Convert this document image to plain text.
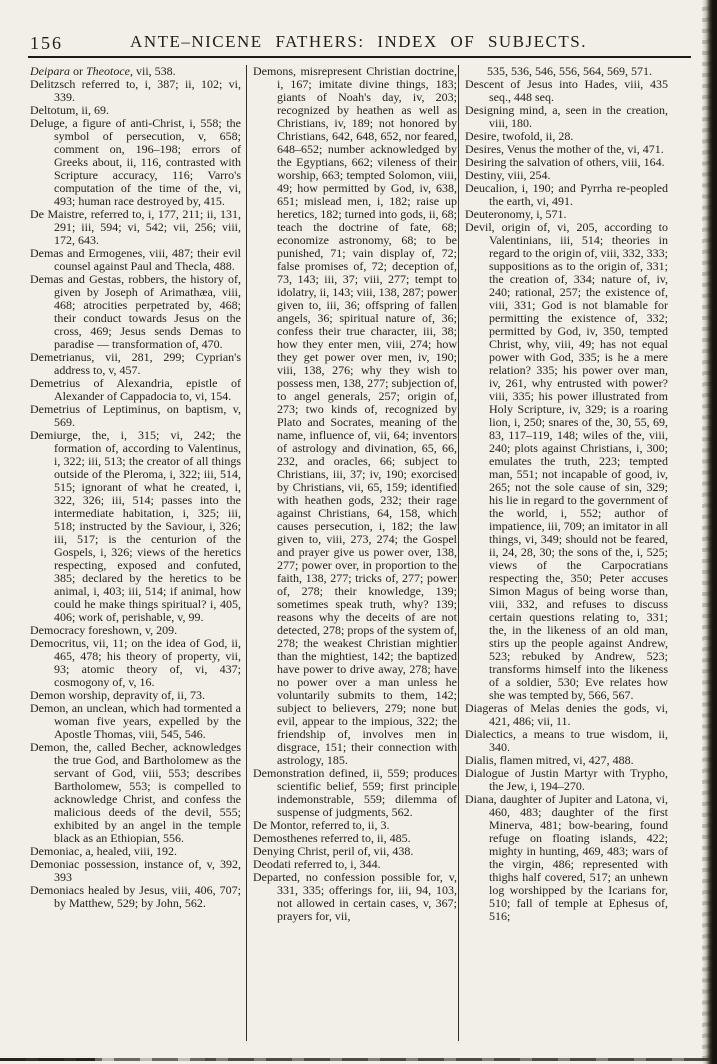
156	ANTE–NICENE FATHERS: INDEX OF SUBJECTS.

Deipara or Theotoce, vii, 538.

Delitzsch referred to, i, 387; ii, 102; vi, 339.

Deltotum, ii, 69.

Deluge, a figure of anti-Christ, i, 558; the symbol of persecution, v, 658; comment on, 196–198; errors of Greeks about, ii, 116, contrasted with Scripture accuracy, 116; Varro's computation of the time of the, vi, 493; human race destroyed by, 415.

De Maistre, referred to, i, 177, 211; ii, 131, 291; iii, 594; vi, 542; vii, 256; viii, 172, 643.

Demas and Ermogenes, viii, 487; their evil counsel against Paul and Thecla, 488.

Demas and Gestas, robbers, the history of, given by Joseph of Arimathæa, viii, 468; atrocities perpetrated by, 468; their conduct towards Jesus on the cross, 469; Jesus sends Demas to paradise — transformation of, 470.

Demetrianus, vii, 281, 299; Cyprian's address to, v, 457.

Demetrius of Alexandria, epistle of Alexander of Cappadocia to, vi, 154.

Demetrius of Leptiminus, on baptism, v, 569.

Demiurge, the, i, 315; vi, 242; the formation of, according to Valentinus, i, 322; iii, 513; the creator of all things outside of the Pleroma, i, 322; iii, 514, 515; ignorant of what he created, i, 322, 326; iii, 514; passes into the intermediate habitation, i, 325; iii, 518; instructed by the Saviour, i, 326; iii, 517; is the centurion of the Gospels, i, 326; views of the heretics respecting, exposed and confuted, 385; declared by the heretics to be animal, i, 403; iii, 514; if animal, how could he make things spiritual? i, 405, 406; work of, perishable, v, 99.

Democracy foreshown, v, 209.

Democritus, vii, 11; on the idea of God, ii, 465, 478; his theory of property, vii, 93; atomic theory of, vi, 437; cosmogony of, v, 16.

Demon worship, depravity of, ii, 73.

Demon, an unclean, which had tormented a woman five years, expelled by the Apostle Thomas, viii, 545, 546.

Demon, the, called Becher, acknowledges the true God, and Bartholomew as the servant of God, viii, 553; describes Bartholomew, 553; is compelled to acknowledge Christ, and confess the malicious deeds of the devil, 555; exhibited by an angel in the temple black as an Ethiopian, 556.

Demoniac, a, healed, viii, 192.

Demoniac possession, instance of, v, 392, 393

Demoniacs healed by Jesus, viii, 406, 707; by Matthew, 529; by John, 562.

Demons, misrepresent Christian doctrine, i, 167; imitate divine things, 183; giants of Noah's day, iv, 203; recognized by heathen as well as Christians, iv, 189; not honored by Christians, 642, 648, 652, nor feared, 648–652; number acknowledged by the Egyptians, 662; vileness of their worship, 663; tempted Solomon, viii, 49; how permitted by God, iv, 638, 651; mislead men, i, 182; raise up heretics, 182; turned into gods, ii, 68; teach the doctrine of fate, 68; economize astronomy, 68; to be punished, 71; vain display of, 72; false promises of, 72; deception of, 73, 143; iii, 37; viii, 277; tempt to idolatry, ii, 143; viii, 138, 287; power given to, iii, 36; offspring of fallen angels, 36; spiritual nature of, 36; confess their true character, iii, 38; how they enter men, viii, 274; how they get power over men, iv, 190; viii, 138, 276; why they wish to possess men, 138, 277; subjection of, to angel generals, 257; origin of, 273; two kinds of, recognized by Plato and Socrates, meaning of the name, influence of, vii, 64; inventors of astrology and divination, 65, 66, 232, and oracles, 66; subject to Christians, iii, 37; iv, 190; exorcised by Christians, vii, 65, 159; identified with heathen gods, 232; their rage against Christians, 64, 158, which causes persecution, i, 182; the law given to, viii, 273, 274; the Gospel and prayer give us power over, 138, 277; power over, in proportion to the faith, 138, 277; tricks of, 277; power of, 278; their knowledge, 139; sometimes speak truth, why? 139; reasons why the deceits of are not detected, 278; props of the system of, 278; the weakest Christian mightier than the mightiest, 142; the baptized have power to drive away, 278; have no power over a man unless he voluntarily submits to them, 142; subject to believers, 279; none but evil, appear to the impious, 322; the friendship of, involves men in disgrace, 151; their connection with astrology, 185.

Demonstration defined, ii, 559; produces scientific belief, 559; first principle indemonstrable, 559; dilemma of suspense of judgments, 562.

De Montor, referred to, ii, 3.

Demosthenes referred to, ii, 485.

Denying Christ, peril of, vii, 438.

Deodati referred to, i, 344.

Departed, no confession possible for, v, 331, 335; offerings for, iii, 94, 103, not allowed in certain cases, v, 367; prayers for, vii,

535, 536, 546, 556, 564, 569, 571.

Descent of Jesus into Hades, viii, 435 seq., 448 seq.

Designing mind, a, seen in the creation, viii, 180.

Desire, twofold, ii, 28.

Desires, Venus the mother of the, vi, 471.

Desiring the salvation of others, viii, 164.

Destiny, viii, 254.

Deucalion, i, 190; and Pyrrha re-peopled the earth, vi, 491.

Deuteronomy, i, 571.

Devil, origin of, vi, 205, according to Valentinians, iii, 514; theories in regard to the origin of, viii, 332, 333; suppositions as to the origin of, 331; the creation of, 334; nature of, iv, 240; rational, 257; the existence of, viii, 331; God is not blamable for permitting the existence of, 332; permitted by God, iv, 350, tempted Christ, why, viii, 49; has not equal power with God, 335; is he a mere relation? 335; his power over man, iv, 261, why entrusted with power? viii, 335; his power illustrated from Holy Scripture, iv, 329; is a roaring lion, i, 250; snares of the, 30, 55, 69, 83, 117–119, 148; wiles of the, viii, 240; plots against Christians, i, 300; emulates the truth, 223; tempted man, 551; not incapable of good, iv, 265; not the sole cause of sin, 329; his lie in regard to the government of the world, i, 552; author of impatience, iii, 709; an imitator in all things, vi, 349; should not be feared, ii, 24, 28, 30; the sons of the, i, 525; views of the Carpocratians respecting the, 350; Peter accuses Simon Magus of being worse than, viii, 332, and refuses to discuss certain questions relating to, 331; the, in the likeness of an old man, stirs up the people against Andrew, 523; rebuked by Andrew, 523; transforms himself into the likeness of a soldier, 530; Eve relates how she was tempted by, 566, 567.

Diageras of Melas denies the gods, vi, 421, 486; vii, 11.

Dialectics, a means to true wisdom, ii, 340.

Dialis, flamen mitred, vi, 427, 488.

Dialogue of Justin Martyr with Trypho, the Jew, i, 194–270.

Diana, daughter of Jupiter and Latona, vi, 460, 483; daughter of the first Minerva, 481; bow-bearing, found refuge on floating islands, 422; mighty in hunting, 469, 483; wars of the virgin, 486; represented with thighs half covered, 517; an unhewn log worshipped by the Icarians for, 510; fall of temple at Ephesus of, 516;
